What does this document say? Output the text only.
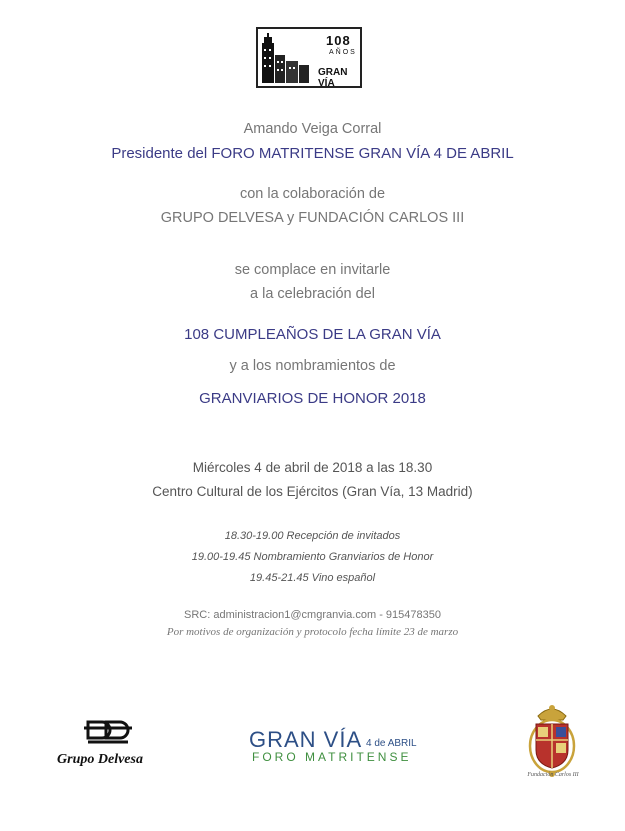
108
AÑOS
GRAN VÍA
Amando Veiga Corral
Presidente del FORO MATRITENSE GRAN VÍA 4 DE ABRIL
con la colaboración de
GRUPO DELVESA y FUNDACIÓN CARLOS III
se complace en invitarle
a la celebración del
108 CUMPLEAÑOS DE LA GRAN VÍA
y a los nombramientos de
GRANVIARIOS DE HONOR 2018
Miércoles 4 de abril de 2018 a las 18.30
Centro Cultural de los Ejércitos (Gran Vía, 13 Madrid)
18.30-19.00 Recepción de invitados
19.00-19.45 Nombramiento Granviarios de Honor
19.45-21.45 Vino español
SRC: administracion1@cmgranvia.com - 915478350
Por motivos de organización y protocolo fecha límite 23 de marzo
Grupo Delvesa
GRAN VÍA 4 de ABRIL
FORO MATRITENSE
Fundación Carlos III
